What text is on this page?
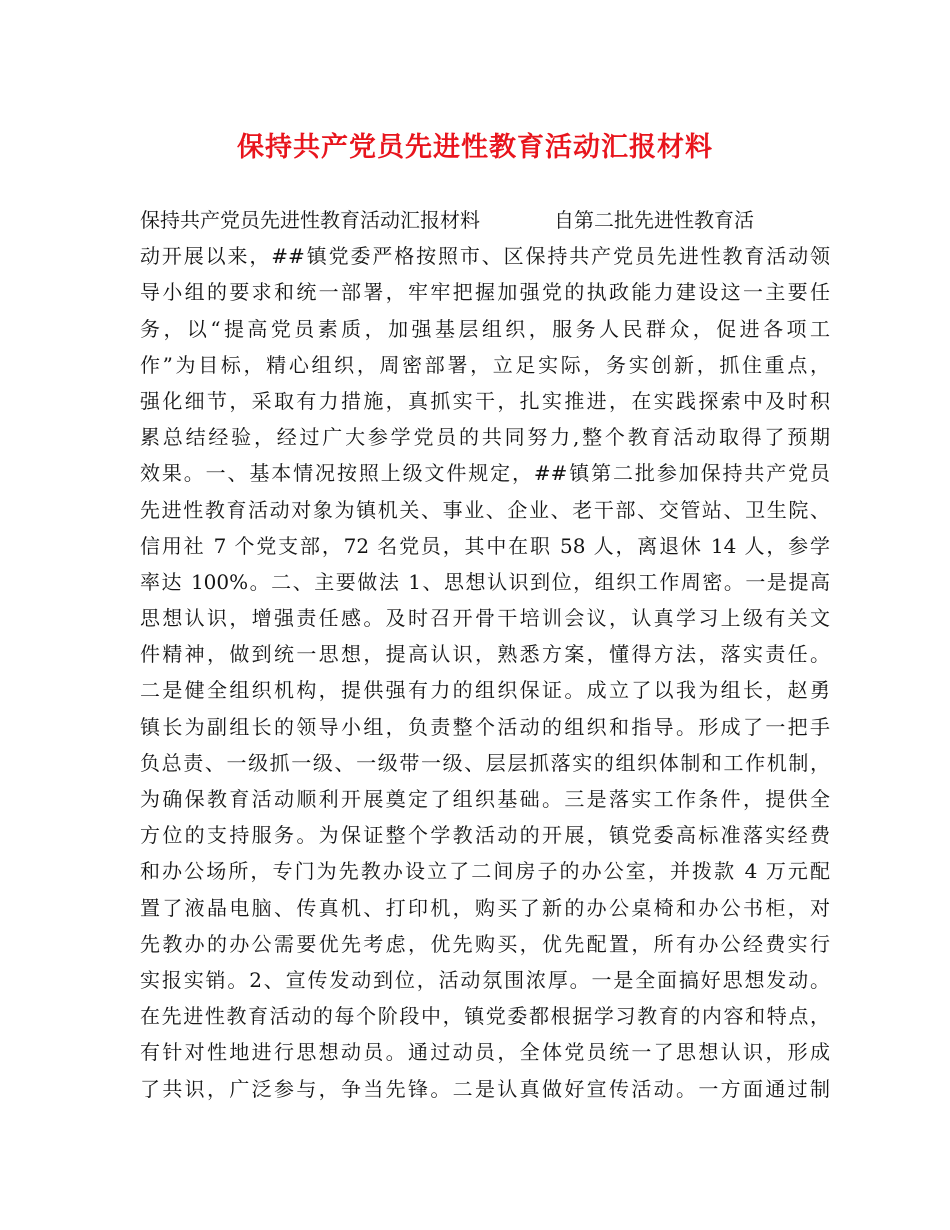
保持共产党员先进性教育活动汇报材料
保持共产党员先进性教育活动汇报材料	自第二批先进性教育活
动开展以来，##镇党委严格按照市、区保持共产党员先进性教育活动领
导小组的要求和统一部署，牢牢把握加强党的执政能力建设这一主要任
务，以“提高党员素质，加强基层组织，服务人民群众，促进各项工
作”为目标，精心组织，周密部署，立足实际，务实创新，抓住重点，
强化细节，采取有力措施，真抓实干，扎实推进，在实践探索中及时积
累总结经验，经过广大参学党员的共同努力,整个教育活动取得了预期
效果。一、基本情况按照上级文件规定，##镇第二批参加保持共产党员
先进性教育活动对象为镇机关、事业、企业、老干部、交管站、卫生院、
信用社 7 个党支部，72 名党员，其中在职 58 人，离退休 14 人，参学
率达 100%。二、主要做法 1、思想认识到位，组织工作周密。一是提高
思想认识，增强责任感。及时召开骨干培训会议，认真学习上级有关文
件精神，做到统一思想，提高认识，熟悉方案，懂得方法，落实责任。
二是健全组织机构，提供强有力的组织保证。成立了以我为组长，赵勇
镇长为副组长的领导小组，负责整个活动的组织和指导。形成了一把手
负总责、一级抓一级、一级带一级、层层抓落实的组织体制和工作机制，
为确保教育活动顺利开展奠定了组织基础。三是落实工作条件，提供全
方位的支持服务。为保证整个学教活动的开展，镇党委高标准落实经费
和办公场所，专门为先教办设立了二间房子的办公室，并拨款 4 万元配
置了液晶电脑、传真机、打印机，购买了新的办公桌椅和办公书柜，对
先教办的办公需要优先考虑，优先购买，优先配置，所有办公经费实行
实报实销。2、宣传发动到位，活动氛围浓厚。一是全面搞好思想发动。
在先进性教育活动的每个阶段中，镇党委都根据学习教育的内容和特点，
有针对性地进行思想动员。通过动员，全体党员统一了思想认识，形成
了共识，广泛参与，争当先锋。二是认真做好宣传活动。一方面通过制
